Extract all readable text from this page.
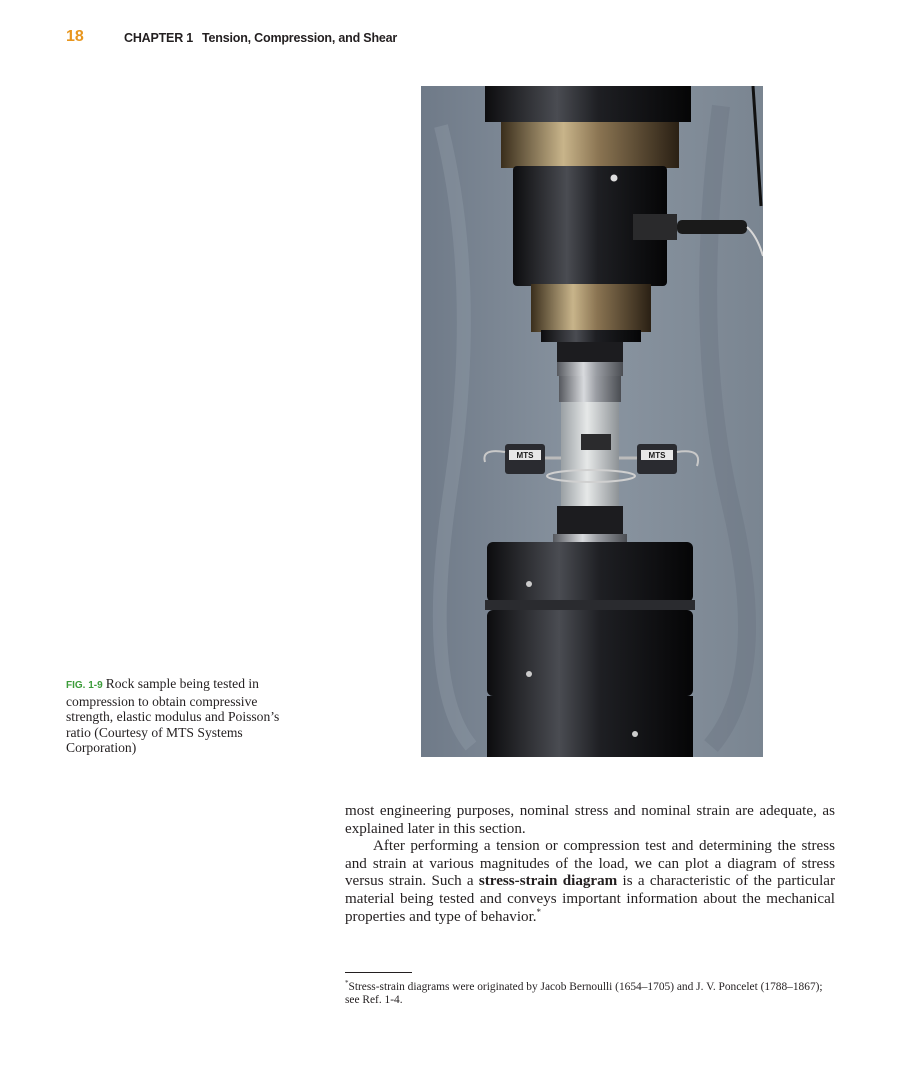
18	CHAPTER 1 Tension, Compression, and Shear
MTS	MTS
FIG. 1-9 Rock sample being tested in compression to obtain compressive strength, elastic modulus and Poisson’s ratio (Courtesy of MTS Systems Corporation)

most engineering purposes, nominal stress and nominal strain are adequate, as explained later in this section.

After performing a tension or compression test and determining the stress and strain at various magnitudes of the load, we can plot a diagram of stress versus strain. Such a stress-strain diagram is a characteristic of the particular material being tested and conveys important information about the mechanical properties and type of behavior.*

*Stress-strain diagrams were originated by Jacob Bernoulli (1654–1705) and J. V. Poncelet (1788–1867); see Ref. 1-4.
